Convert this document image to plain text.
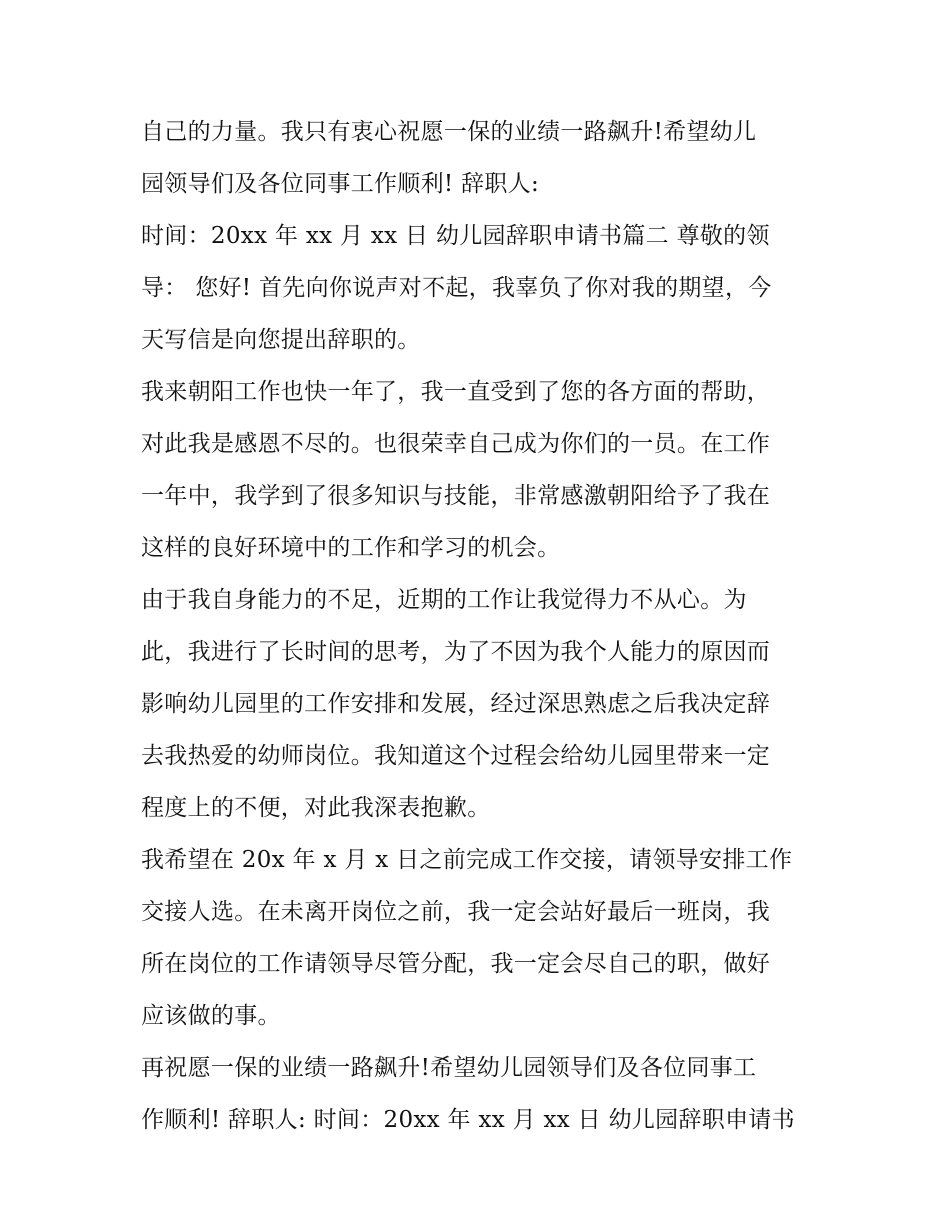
自己的力量。我只有衷心祝愿一保的业绩一路飙升!希望幼儿
园领导们及各位同事工作顺利! 辞职人:
时间：20xx 年 xx 月 xx 日 幼儿园辞职申请书篇二 尊敬的领
导： 您好! 首先向你说声对不起，我辜负了你对我的期望，今
天写信是向您提出辞职的。
我来朝阳工作也快一年了，我一直受到了您的各方面的帮助，
对此我是感恩不尽的。也很荣幸自己成为你们的一员。在工作
一年中，我学到了很多知识与技能，非常感激朝阳给予了我在
这样的良好环境中的工作和学习的机会。
由于我自身能力的不足，近期的工作让我觉得力不从心。为
此，我进行了长时间的思考，为了不因为我个人能力的原因而
影响幼儿园里的工作安排和发展，经过深思熟虑之后我决定辞
去我热爱的幼师岗位。我知道这个过程会给幼儿园里带来一定
程度上的不便，对此我深表抱歉。
我希望在 20x 年 x 月 x 日之前完成工作交接，请领导安排工作
交接人选。在未离开岗位之前，我一定会站好最后一班岗，我
所在岗位的工作请领导尽管分配，我一定会尽自己的职，做好
应该做的事。
再祝愿一保的业绩一路飙升!希望幼儿园领导们及各位同事工
作顺利! 辞职人: 时间：20xx 年 xx 月 xx 日 幼儿园辞职申请书
